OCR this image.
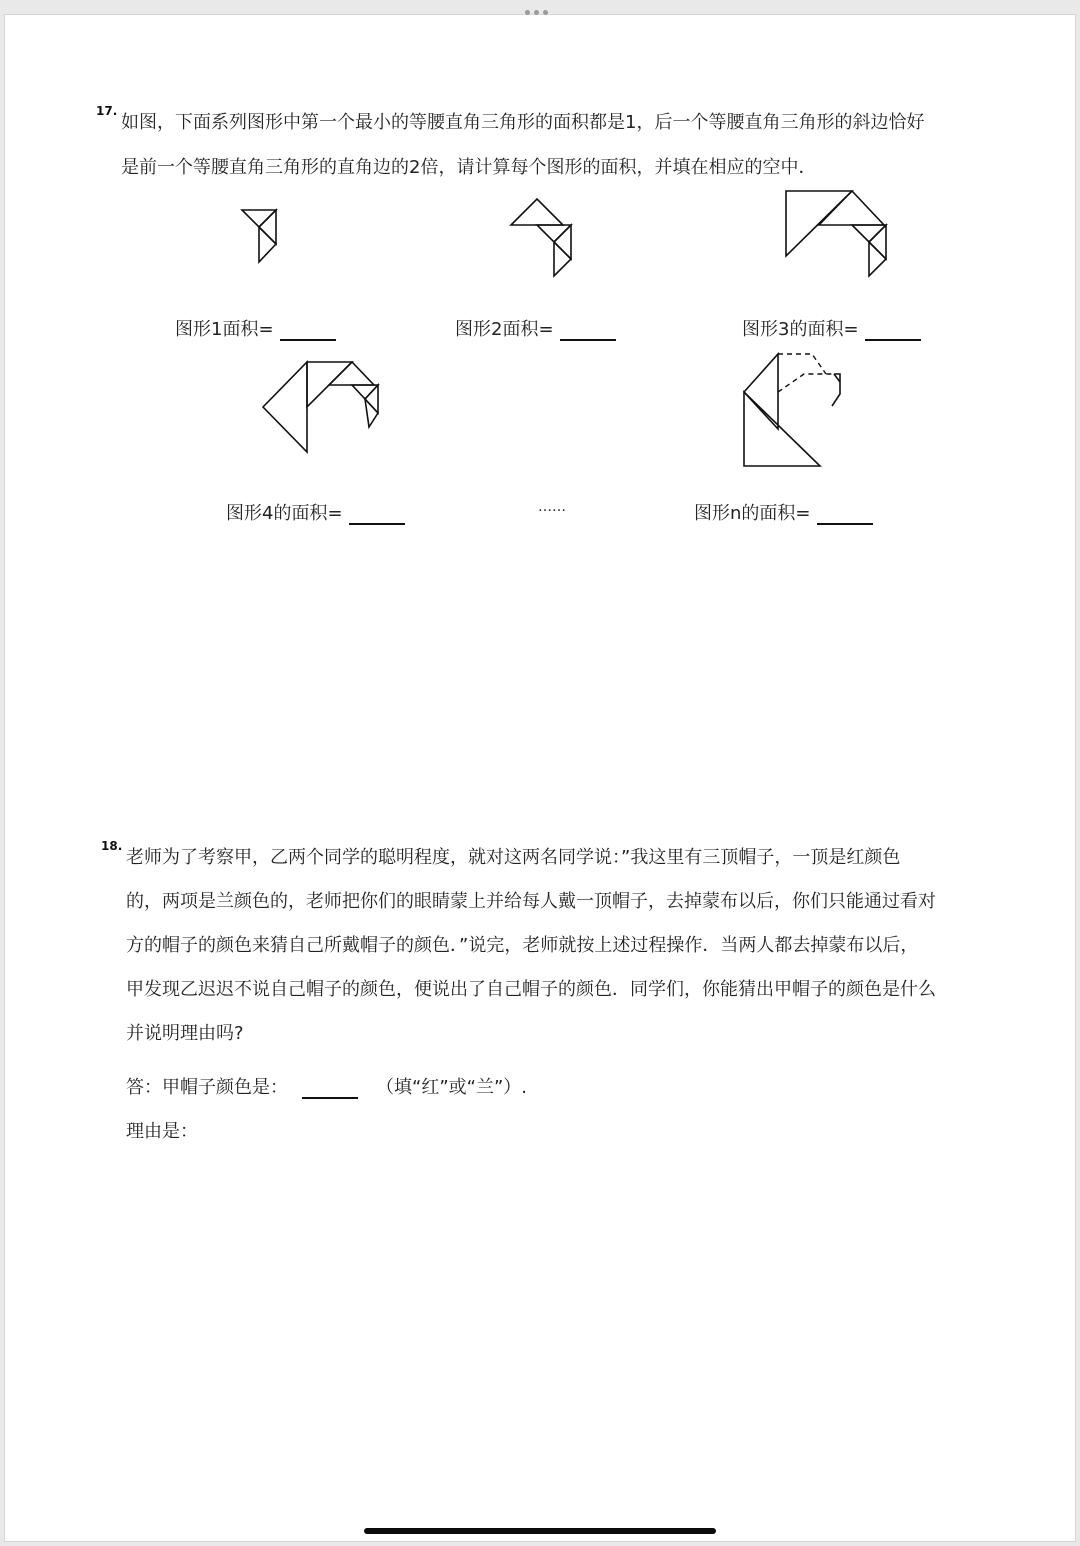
17.
如图，下面系列图形中第一个最小的等腰直角三角形的面积都是1，后一个等腰直角三角形的斜边恰好
是前一个等腰直角三角形的直角边的2倍，请计算每个图形的面积，并填在相应的空中．
图形1面积=	图形2面积=	图形3的面积=
图形4的面积=	……	图形n的面积=
18.
老师为了考察甲，乙两个同学的聪明程度，就对这两名同学说：”我这里有三顶帽子，一顶是红颜色
的，两项是兰颜色的，老师把你们的眼睛蒙上并给每人戴一顶帽子，去掉蒙布以后，你们只能通过看对
方的帽子的颜色来猜自己所戴帽子的颜色．”说完，老师就按上述过程操作．当两人都去掉蒙布以后，
甲发现乙迟迟不说自己帽子的颜色，便说出了自己帽子的颜色．同学们，你能猜出甲帽子的颜色是什么
并说明理由吗?
答：甲帽子颜色是：	（填“红”或“兰”）.
理由是：
